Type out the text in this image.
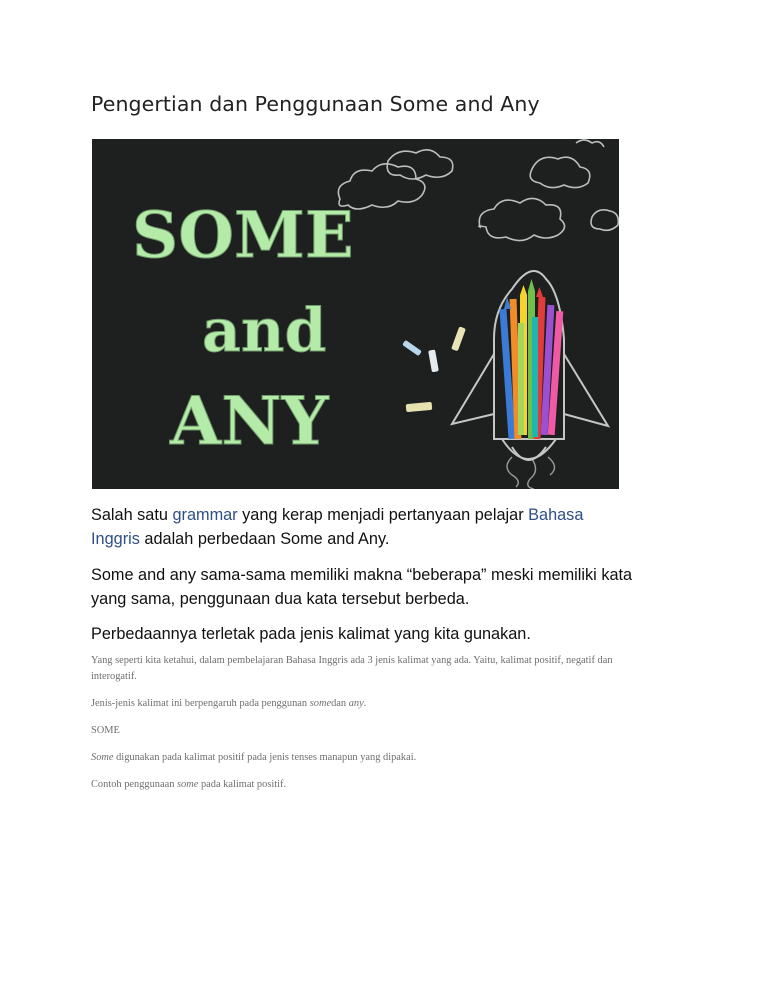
Pengertian dan Penggunaan Some and Any
SOME
and
ANY

Salah satu grammar yang kerap menjadi pertanyaan pelajar Bahasa
Inggris adalah perbedaan Some and Any.

Some and any sama-sama memiliki makna “beberapa” meski memiliki kata
yang sama, penggunaan dua kata tersebut berbeda.

Perbedaannya terletak pada jenis kalimat yang kita gunakan.

Yang seperti kita ketahui, dalam pembelajaran Bahasa Inggris ada 3 jenis kalimat yang ada. Yaitu, kalimat positif, negatif dan
interogatif.

Jenis-jenis kalimat ini berpengaruh pada penggunan somedan any.

SOME

Some digunakan pada kalimat positif pada jenis tenses manapun yang dipakai.

Contoh penggunaan some pada kalimat positif.
